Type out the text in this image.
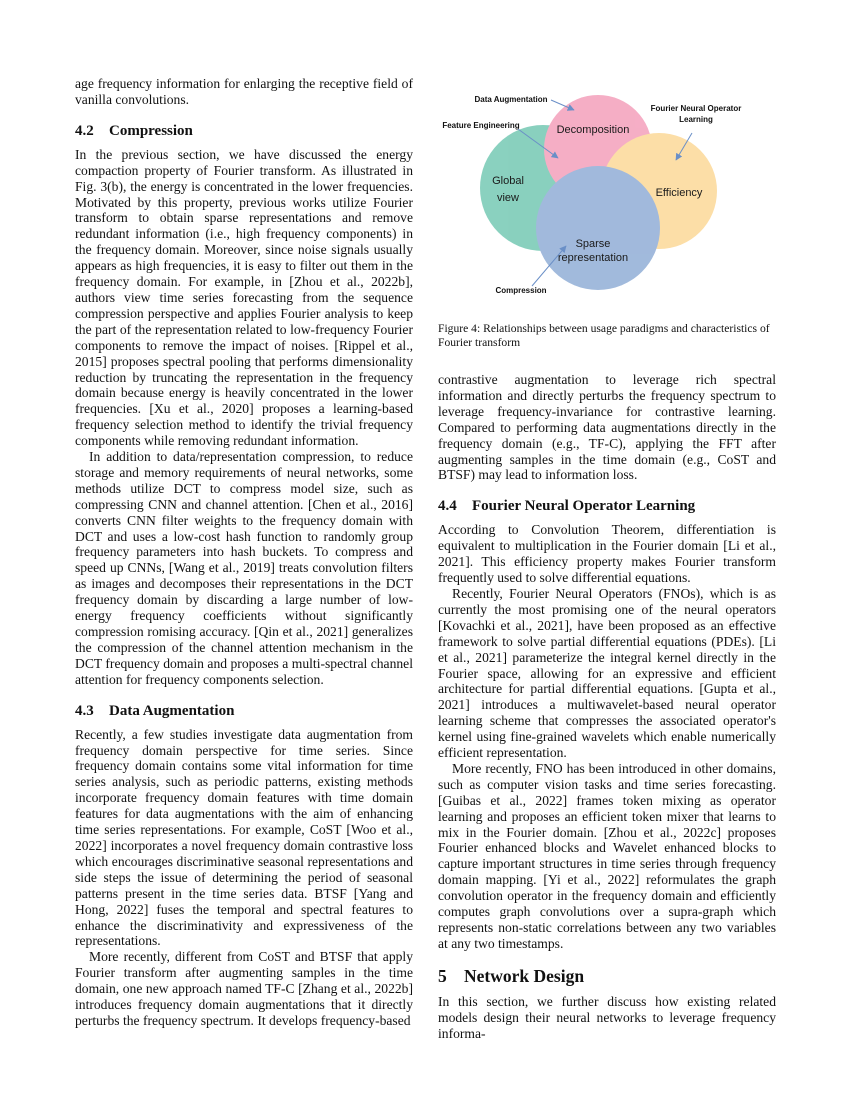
age frequency information for enlarging the receptive field of vanilla convolutions.

4.2 Compression

In the previous section, we have discussed the energy compaction property of Fourier transform. As illustrated in Fig. 3(b), the energy is concentrated in the lower frequencies. Motivated by this property, previous works utilize Fourier transform to obtain sparse representations and remove redundant information (i.e., high frequency components) in the frequency domain. Moreover, since noise signals usually appears as high frequencies, it is easy to filter out them in the frequency domain. For example, in [Zhou et al., 2022b], authors view time series forecasting from the sequence compression perspective and applies Fourier analysis to keep the part of the representation related to low-frequency Fourier components to remove the impact of noises. [Rippel et al., 2015] proposes spectral pooling that performs dimensionality reduction by truncating the representation in the frequency domain because energy is heavily concentrated in the lower frequencies. [Xu et al., 2020] proposes a learning-based frequency selection method to identify the trivial frequency components while removing redundant information.

In addition to data/representation compression, to reduce storage and memory requirements of neural networks, some methods utilize DCT to compress model size, such as compressing CNN and channel attention. [Chen et al., 2016] converts CNN filter weights to the frequency domain with DCT and uses a low-cost hash function to randomly group frequency parameters into hash buckets. To compress and speed up CNNs, [Wang et al., 2019] treats convolution filters as images and decomposes their representations in the DCT frequency domain by discarding a large number of low-energy frequency coefficients without significantly compression romising accuracy. [Qin et al., 2021] generalizes the compression of the channel attention mechanism in the DCT frequency domain and proposes a multi-spectral channel attention for frequency components selection.

4.3 Data Augmentation

Recently, a few studies investigate data augmentation from frequency domain perspective for time series. Since frequency domain contains some vital information for time series analysis, such as periodic patterns, existing methods incorporate frequency domain features with time domain features for data augmentations with the aim of enhancing time series representations. For example, CoST [Woo et al., 2022] incorporates a novel frequency domain contrastive loss which encourages discriminative seasonal representations and side steps the issue of determining the period of seasonal patterns present in the time series data. BTSF [Yang and Hong, 2022] fuses the temporal and spectral features to enhance the discriminativity and expressiveness of the representations.

More recently, different from CoST and BTSF that apply Fourier transform after augmenting samples in the time domain, one new approach named TF-C [Zhang et al., 2022b] introduces frequency domain augmentations that it directly perturbs the frequency spectrum. It develops frequency-based

Decomposition
Global
view	Efficiency
Sparse
representation
Data Augmentation
Feature Engineering
Fourier Neural Operator
Learning
Compression

Figure 4: Relationships between usage paradigms and characteristics of Fourier transform

contrastive augmentation to leverage rich spectral information and directly perturbs the frequency spectrum to leverage frequency-invariance for contrastive learning. Compared to performing data augmentations directly in the frequency domain (e.g., TF-C), applying the FFT after augmenting samples in the time domain (e.g., CoST and BTSF) may lead to information loss.

4.4 Fourier Neural Operator Learning

According to Convolution Theorem, differentiation is equivalent to multiplication in the Fourier domain [Li et al., 2021]. This efficiency property makes Fourier transform frequently used to solve differential equations.

Recently, Fourier Neural Operators (FNOs), which is as currently the most promising one of the neural operators [Kovachki et al., 2021], have been proposed as an effective framework to solve partial differential equations (PDEs). [Li et al., 2021] parameterize the integral kernel directly in the Fourier space, allowing for an expressive and efficient architecture for partial differential equations. [Gupta et al., 2021] introduces a multiwavelet-based neural operator learning scheme that compresses the associated operator's kernel using fine-grained wavelets which enable numerically efficient representation.

More recently, FNO has been introduced in other domains, such as computer vision tasks and time series forecasting. [Guibas et al., 2022] frames token mixing as operator learning and proposes an efficient token mixer that learns to mix in the Fourier domain. [Zhou et al., 2022c] proposes Fourier enhanced blocks and Wavelet enhanced blocks to capture important structures in time series through frequency domain mapping. [Yi et al., 2022] reformulates the graph convolution operator in the frequency domain and efficiently computes graph convolutions over a supra-graph which represents non-static correlations between any two variables at any two timestamps.

5 Network Design

In this section, we further discuss how existing related models design their neural networks to leverage frequency informa-
